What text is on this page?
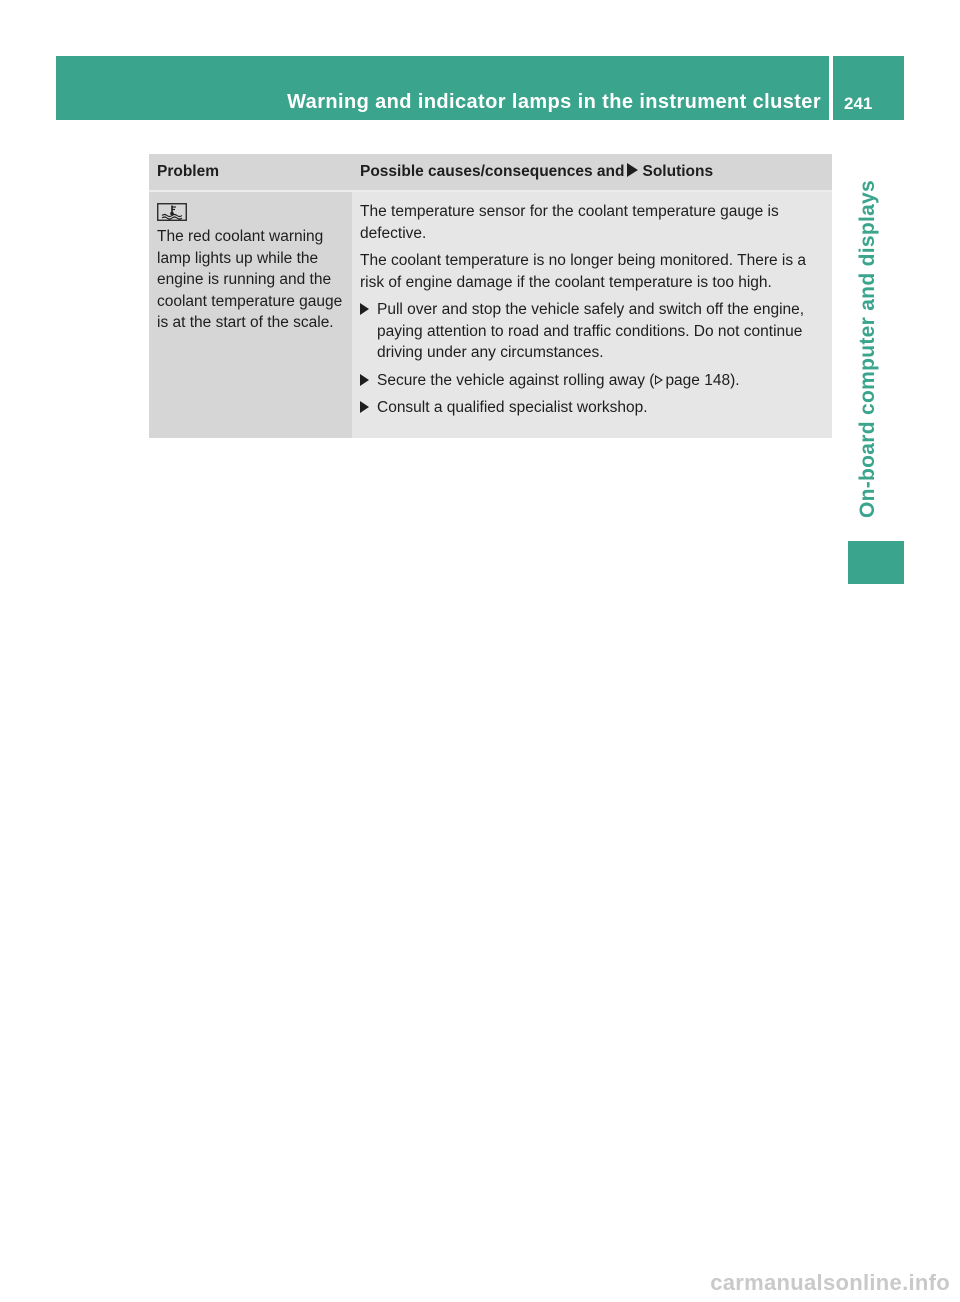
Warning and indicator lamps in the instrument cluster 241
On-board computer and displays
Problem	Possible causes/consequences and Solutions

The red coolant warning lamp lights up while the engine is running and the coolant temperature gauge is at the start of the scale.	The temperature sensor for the coolant temperature gauge is defective.

The coolant temperature is no longer being monitored. There is a risk of engine damage if the coolant temperature is too high.

Pull over and stop the vehicle safely and switch off the engine, paying attention to road and traffic conditions. Do not continue driving under any circumstances.
Secure the vehicle against rolling away ( page 148).
Consult a qualified specialist workshop.
carmanualsonline.info
